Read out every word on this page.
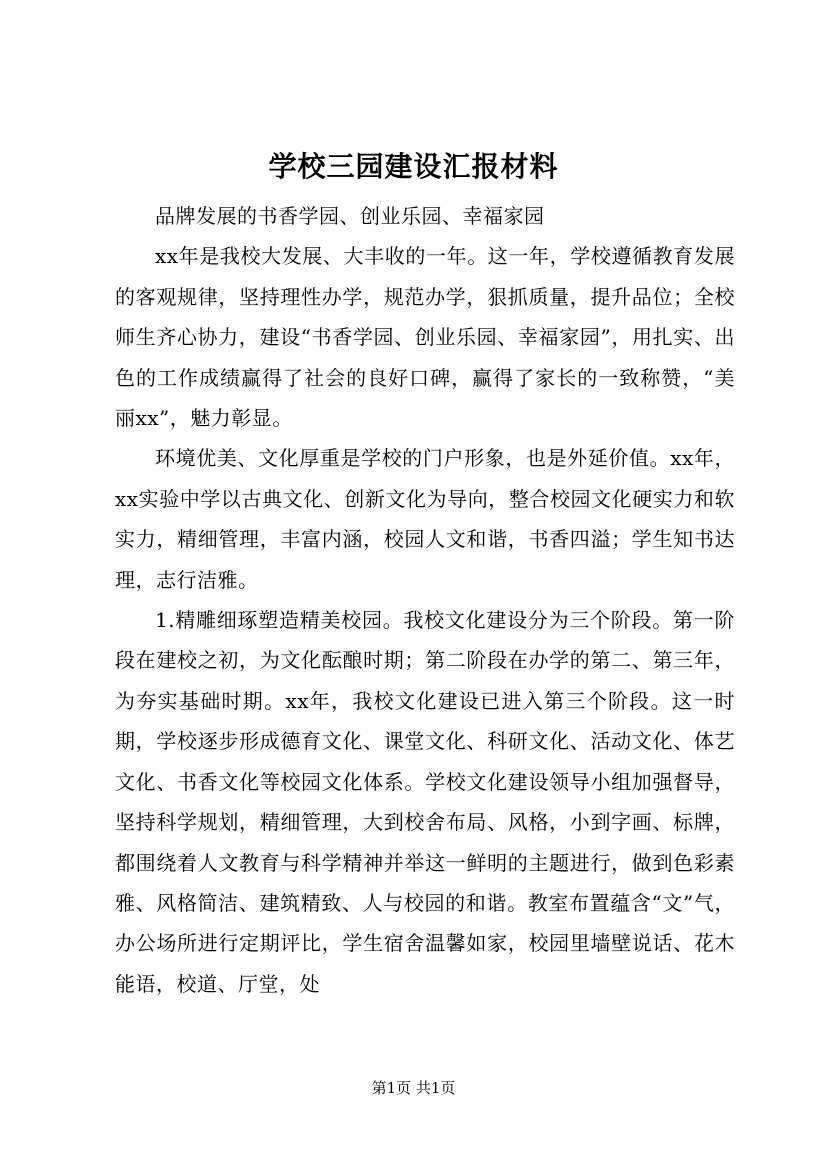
学校三园建设汇报材料

品牌发展的书香学园、创业乐园、幸福家园

xx年是我校大发展、大丰收的一年。这一年，学校遵循教育发展的客观规律，坚持理性办学，规范办学，狠抓质量，提升品位；全校师生齐心协力，建设“书香学园、创业乐园、幸福家园”，用扎实、出色的工作成绩赢得了社会的良好口碑，赢得了家长的一致称赞，“美丽xx”，魅力彰显。

环境优美、文化厚重是学校的门户形象，也是外延价值。xx年，xx实验中学以古典文化、创新文化为导向，整合校园文化硬实力和软实力，精细管理，丰富内涵，校园人文和谐，书香四溢；学生知书达理，志行洁雅。

1.精雕细琢塑造精美校园。我校文化建设分为三个阶段。第一阶段在建校之初，为文化酝酿时期；第二阶段在办学的第二、第三年，为夯实基础时期。xx年，我校文化建设已进入第三个阶段。这一时期，学校逐步形成德育文化、课堂文化、科研文化、活动文化、体艺文化、书香文化等校园文化体系。学校文化建设领导小组加强督导，坚持科学规划，精细管理，大到校舍布局、风格，小到字画、标牌，都围绕着人文教育与科学精神并举这一鲜明的主题进行，做到色彩素雅、风格简洁、建筑精致、人与校园的和谐。教室布置蕴含“文”气，办公场所进行定期评比，学生宿舍温馨如家，校园里墙壁说话、花木能语，校道、厅堂，处

第1页 共1页
